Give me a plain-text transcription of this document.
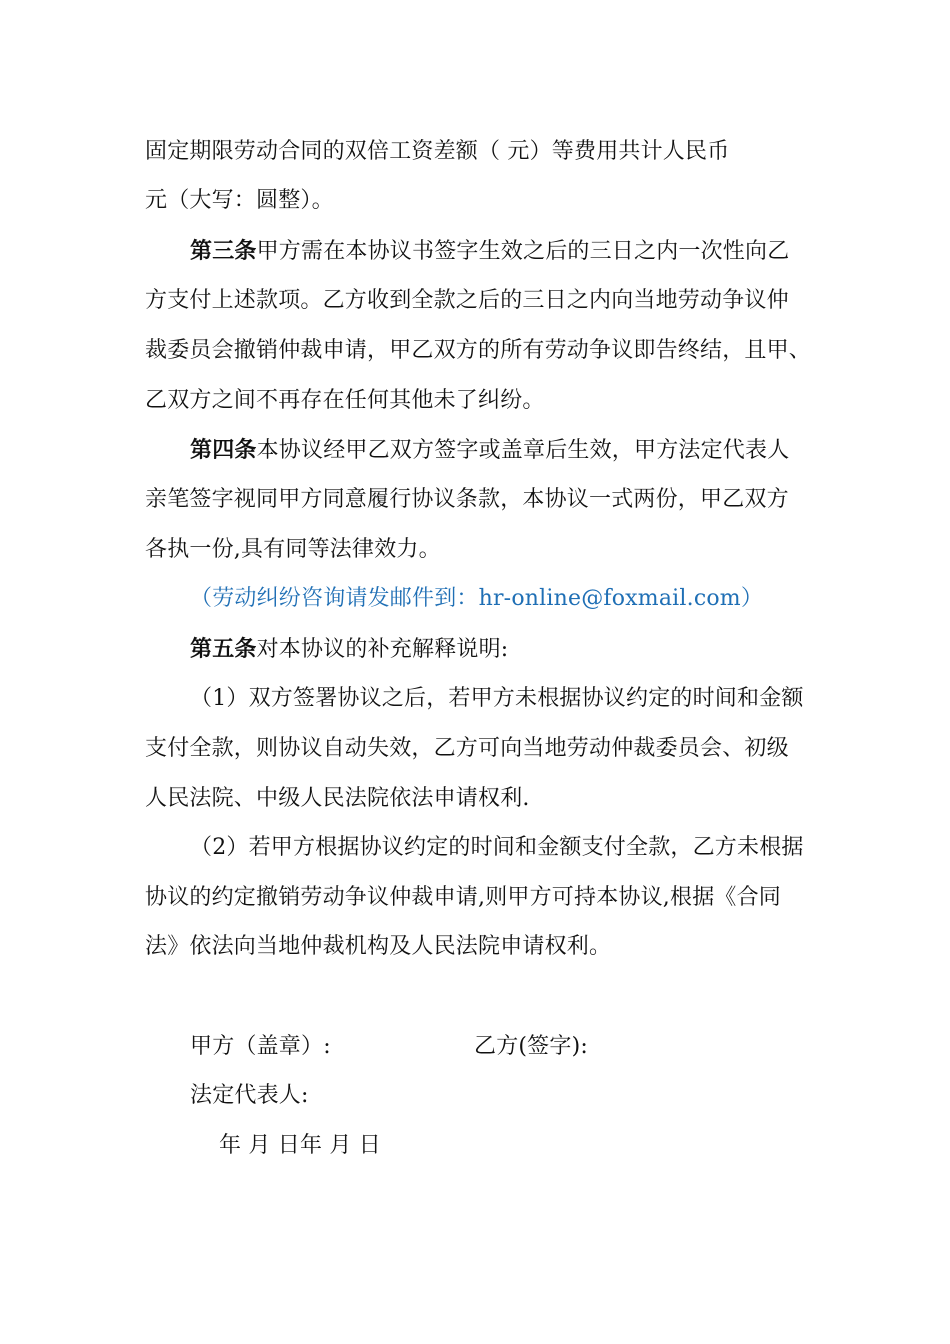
固定期限劳动合同的双倍工资差额（ 元）等费用共计人民币
元（大写：圆整）。
第三条甲方需在本协议书签字生效之后的三日之内一次性向乙
方支付上述款项。乙方收到全款之后的三日之内向当地劳动争议仲
裁委员会撤销仲裁申请，甲乙双方的所有劳动争议即告终结，且甲、
乙双方之间不再存在任何其他未了纠纷。
第四条本协议经甲乙双方签字或盖章后生效，甲方法定代表人
亲笔签字视同甲方同意履行协议条款，本协议一式两份，甲乙双方
各执一份,具有同等法律效力。
（劳动纠纷咨询请发邮件到：hr-online@foxmail.com）
第五条对本协议的补充解释说明:
（1）双方签署协议之后，若甲方未根据协议约定的时间和金额
支付全款，则协议自动失效，乙方可向当地劳动仲裁委员会、初级
人民法院、中级人民法院依法申请权利.
（2）若甲方根据协议约定的时间和金额支付全款，乙方未根据
协议的约定撤销劳动争议仲裁申请,则甲方可持本协议,根据《合同
法》依法向当地仲裁机构及人民法院申请权利。
甲方（盖章）:	乙方(签字):
法定代表人:
年 月 日年 月 日
